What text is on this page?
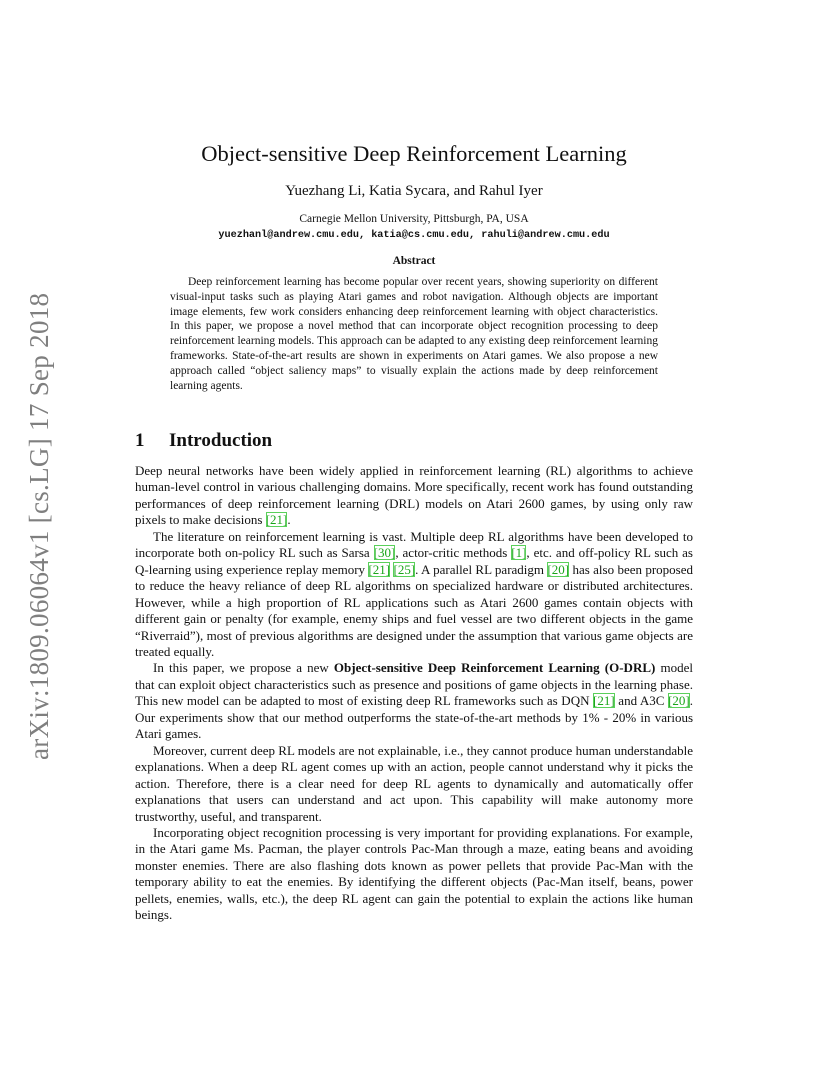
arXiv:1809.06064v1 [cs.LG] 17 Sep 2018
Object-sensitive Deep Reinforcement Learning
Yuezhang Li, Katia Sycara, and Rahul Iyer
Carnegie Mellon University, Pittsburgh, PA, USA
yuezhanl@andrew.cmu.edu, katia@cs.cmu.edu, rahuli@andrew.cmu.edu
Abstract

Deep reinforcement learning has become popular over recent years, showing superiority on different visual-input tasks such as playing Atari games and robot navigation. Although objects are important image elements, few work considers enhancing deep reinforcement learning with object characteristics. In this paper, we propose a novel method that can incorporate object recognition processing to deep reinforcement learning models. This approach can be adapted to any existing deep reinforcement learning frameworks. State-of-the-art results are shown in experiments on Atari games. We also propose a new approach called “object saliency maps” to visually explain the actions made by deep reinforcement learning agents.

1 Introduction

Deep neural networks have been widely applied in reinforcement learning (RL) algorithms to achieve human-level control in various challenging domains. More specifically, recent work has found outstanding performances of deep reinforcement learning (DRL) models on Atari 2600 games, by using only raw pixels to make decisions [ 21 ] .

The literature on reinforcement learning is vast. Multiple deep RL algorithms have been developed to incorporate both on-policy RL such as Sarsa [ 30 ] , actor-critic methods [ 1 ] , etc. and off-policy RL such as Q-learning using experience replay memory [ 21 ] [ 25 ] . A parallel RL paradigm [ 20 ] has also been proposed to reduce the heavy reliance of deep RL algorithms on specialized hardware or distributed architectures. However, while a high proportion of RL applications such as Atari 2600 games contain objects with different gain or penalty (for example, enemy ships and fuel vessel are two different objects in the game “Riverraid”), most of previous algorithms are designed under the assumption that various game objects are treated equally.

In this paper, we propose a new Object-sensitive Deep Reinforcement Learning (O-DRL) model that can exploit object characteristics such as presence and positions of game objects in the learning phase. This new model can be adapted to most of existing deep RL frameworks such as DQN [ 21 ] and A3C [ 20 ] . Our experiments show that our method outperforms the state-of-the-art methods by 1% - 20% in various Atari games.

Moreover, current deep RL models are not explainable, i.e., they cannot produce human understandable explanations. When a deep RL agent comes up with an action, people cannot understand why it picks the action. Therefore, there is a clear need for deep RL agents to dynamically and automatically offer explanations that users can understand and act upon. This capability will make autonomy more trustworthy, useful, and transparent.

Incorporating object recognition processing is very important for providing explanations. For example, in the Atari game Ms. Pacman, the player controls Pac-Man through a maze, eating beans and avoiding monster enemies. There are also flashing dots known as power pellets that provide Pac-Man with the temporary ability to eat the enemies. By identifying the different objects (Pac-Man itself, beans, power pellets, enemies, walls, etc.), the deep RL agent can gain the potential to explain the actions like human beings.
